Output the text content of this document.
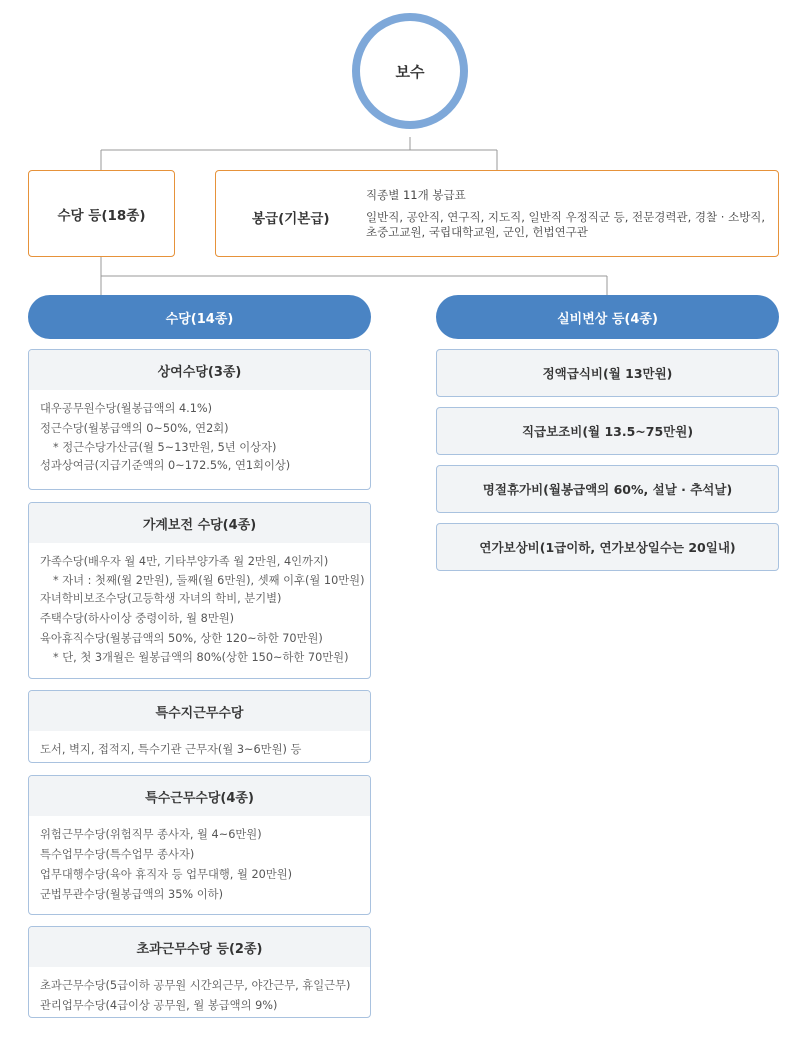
보수
수당 등(18종)	봉급(기본급)
직종별 11개 봉급표
일반직, 공안직, 연구직, 지도직, 일반직 우정직군 등, 전문경력관, 경찰 · 소방직, 초중고교원, 국립대학교원, 군인, 헌법연구관
수당(14종)	실비변상 등(4종)
상여수당(3종)
대우공무원수당(월봉급액의 4.1%)
정근수당(월봉급액의 0~50%, 연2회)
* 정근수당가산금(월 5~13만원, 5년 이상자)
성과상여금(지급기준액의 0~172.5%, 연1회이상)
가계보전 수당(4종)
가족수당(배우자 월 4만, 기타부양가족 월 2만원, 4인까지)
* 자녀 : 첫째(월 2만원), 둘째(월 6만원), 셋째 이후(월 10만원)
자녀학비보조수당(고등학생 자녀의 학비, 분기별)
주택수당(하사이상 중령이하, 월 8만원)
육아휴직수당(월봉급액의 50%, 상한 120~하한 70만원)
* 단, 첫 3개월은 월봉급액의 80%(상한 150~하한 70만원)
특수지근무수당
도서, 벽지, 접적지, 특수기관 근무자(월 3~6만원) 등
특수근무수당(4종)
위험근무수당(위험직무 종사자, 월 4~6만원)
특수업무수당(특수업무 종사자)
업무대행수당(육아 휴직자 등 업무대행, 월 20만원)
군법무관수당(월봉급액의 35% 이하)
초과근무수당 등(2종)
초과근무수당(5급이하 공무원 시간외근무, 야간근무, 휴일근무)
관리업무수당(4급이상 공무원, 월 봉급액의 9%)
정액급식비(월 13만원)
직급보조비(월 13.5~75만원)
명절휴가비(월봉급액의 60%, 설날 · 추석날)
연가보상비(1급이하, 연가보상일수는 20일내)
